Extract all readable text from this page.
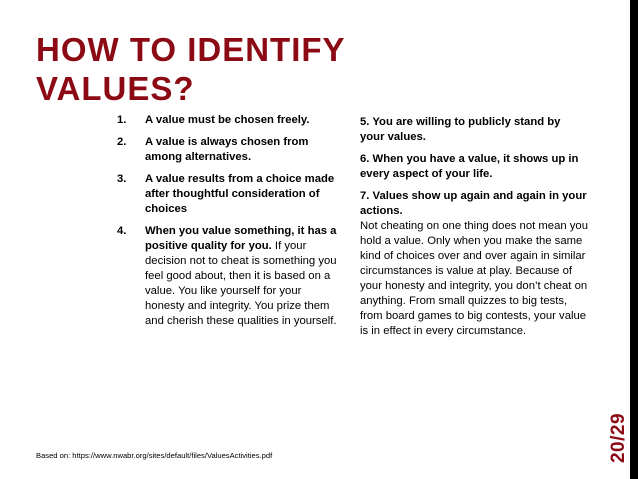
HOW TO IDENTIFY
VALUES?
1. A value must be chosen freely.
2. A value is always chosen from among alternatives.
3. A value results from a choice made after thoughtful consideration of choices
4. When you value something, it has a positive quality for you. If your decision not to cheat is something you feel good about, then it is based on a value. You like yourself for your honesty and integrity. You prize them and cherish these qualities in yourself.

5. You are willing to publicly stand by your values.

6. When you have a value, it shows up in every aspect of your life.

7. Values show up again and again in your actions.
Not cheating on one thing does not mean you hold a value. Only when you make the same kind of choices over and over again in similar circumstances is value at play. Because of your honesty and integrity, you don’t cheat on anything. From small quizzes to big tests, from board games to big contests, your value is in effect in every circumstance.

Based on: https://www.nwabr.org/sites/default/files/ValuesActivities.pdf	20/29
